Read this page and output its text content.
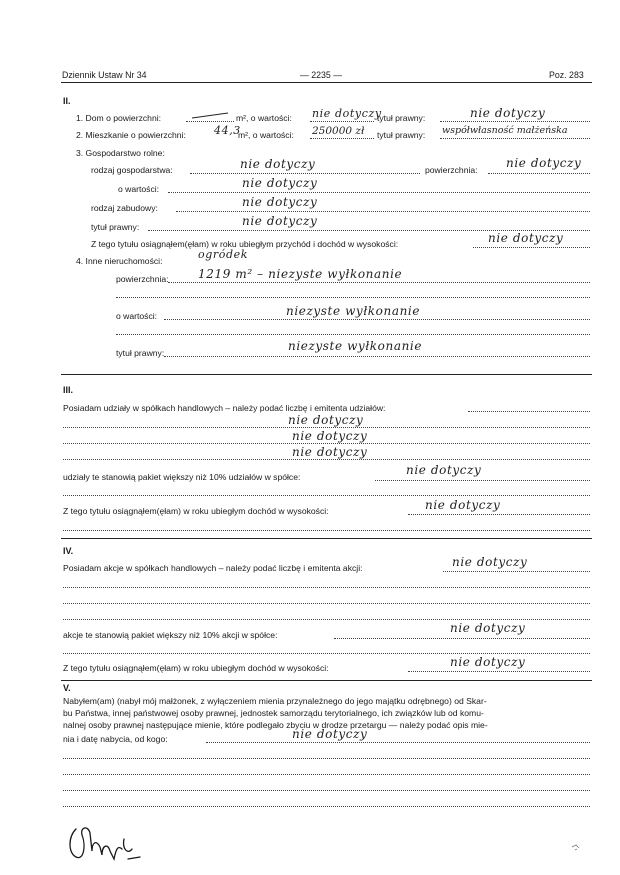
Dziennik Ustaw Nr 34	— 2235 —	Poz. 283
II.
1. Dom o powierzchni:	m², o wartości: nie dotyczy
tytuł prawny:	nie dotyczy
2. Mieszkanie o powierzchni:	44,3
m², o wartości: 250000 zł tytuł prawny: współwłasność małżeńska
3. Gospodarstwo rolne:
rodzaj gospodarstwa:	nie dotyczy	powierzchnia: nie dotyczy
o wartości:	nie dotyczy
rodzaj zabudowy:	nie dotyczy
tytuł prawny:	nie dotyczy
Z tego tytułu osiągnąłem(ęłam) w roku ubiegłym przychód i dochód w wysokości:	nie dotyczy
4. Inne nieruchomości:	ogródek
powierzchnia: 1219 m² – niezyste wyłkonanie
o wartości:	niezyste wyłkonanie
tytuł prawny:	niezyste wyłkonanie
III.
Posiadam udziały w spółkach handlowych – należy podać liczbę i emitenta udziałów:
nie dotyczy
nie dotyczy
nie dotyczy
udziały te stanowią pakiet większy niż 10% udziałów w spółce:	nie dotyczy
Z tego tytułu osiągnąłem(ęłam) w roku ubiegłym dochód w wysokości:	nie dotyczy
IV.
Posiadam akcje w spółkach handlowych – należy podać liczbę i emitenta akcji:	nie dotyczy
akcje te stanowią pakiet większy niż 10% akcji w spółce:	nie dotyczy
Z tego tytułu osiągnąłem(ęłam) w roku ubiegłym dochód w wysokości:	nie dotyczy
V.
Nabyłem(am) (nabył mój małżonek, z wyłączeniem mienia przynależnego do jego majątku odrębnego) od Skar-
bu Państwa, innej państwowej osoby prawnej, jednostek samorządu terytorialnego, ich związków lub od komu-
nalnej osoby prawnej następujące mienie, które podlegało zbyciu w drodze przetargu — należy podać opis mie-
nia i datę nabycia, od kogo:	nie dotyczy
